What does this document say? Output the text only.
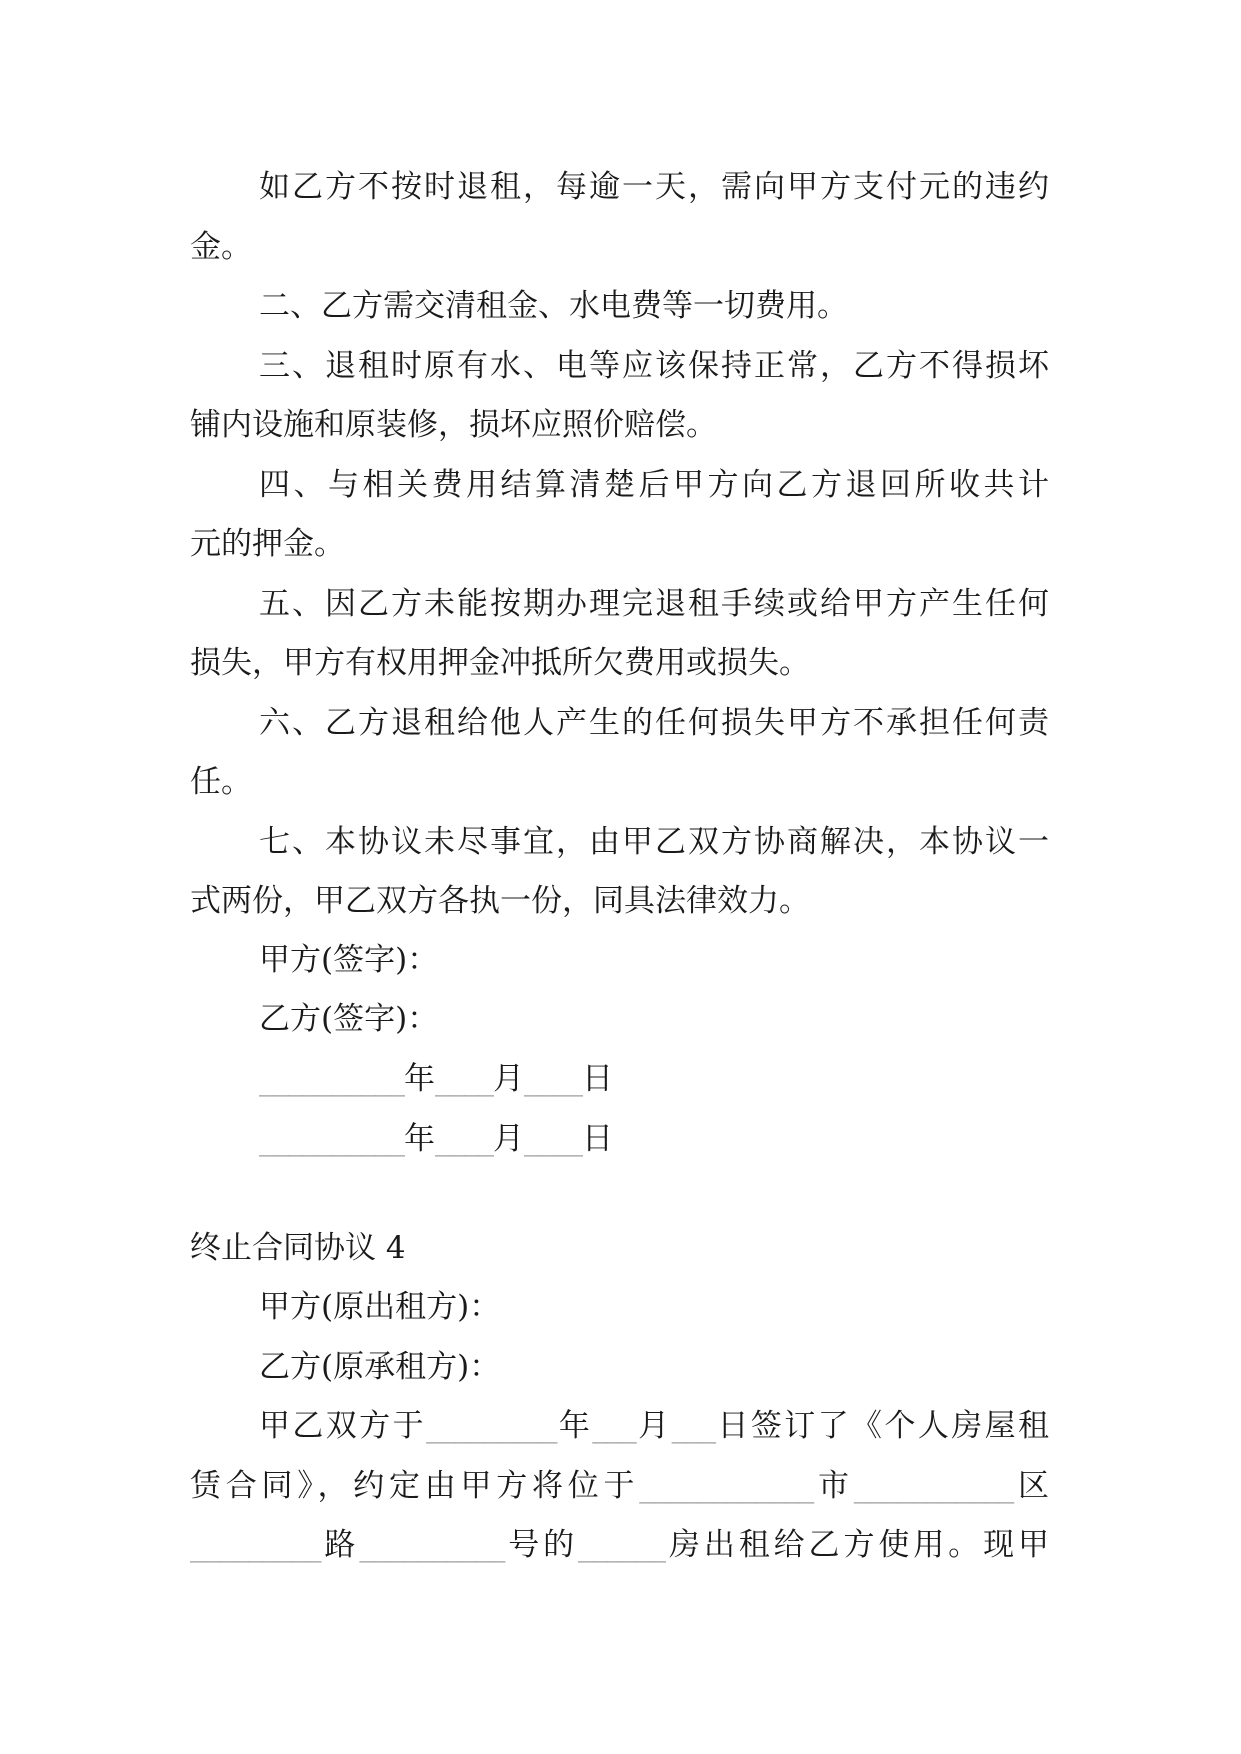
如乙方不按时退租，每逾一天，需向甲方支付元的违约
金。
二、乙方需交清租金、水电费等一切费用。
三、退租时原有水、电等应该保持正常，乙方不得损坏
铺内设施和原装修，损坏应照价赔偿。
四、与相关费用结算清楚后甲方向乙方退回所收共计
元的押金。
五、因乙方未能按期办理完退租手续或给甲方产生任何
损失，甲方有权用押金冲抵所欠费用或损失。
六、乙方退租给他人产生的任何损失甲方不承担任何责
任。
七、本协议未尽事宜，由甲乙双方协商解决，本协议一
式两份，甲乙双方各执一份，同具法律效力。
甲方(签字)：
乙方(签字)：
__________年____月____日
__________年____月____日
终止合同协议 4
甲方(原出租方)：
乙方(原承租方)：
甲乙双方于_________年___月___日签订了《个人房屋租
赁合同》，约定由甲方将位于____________市___________区
_________路__________号的______房出租给乙方使用。现甲
